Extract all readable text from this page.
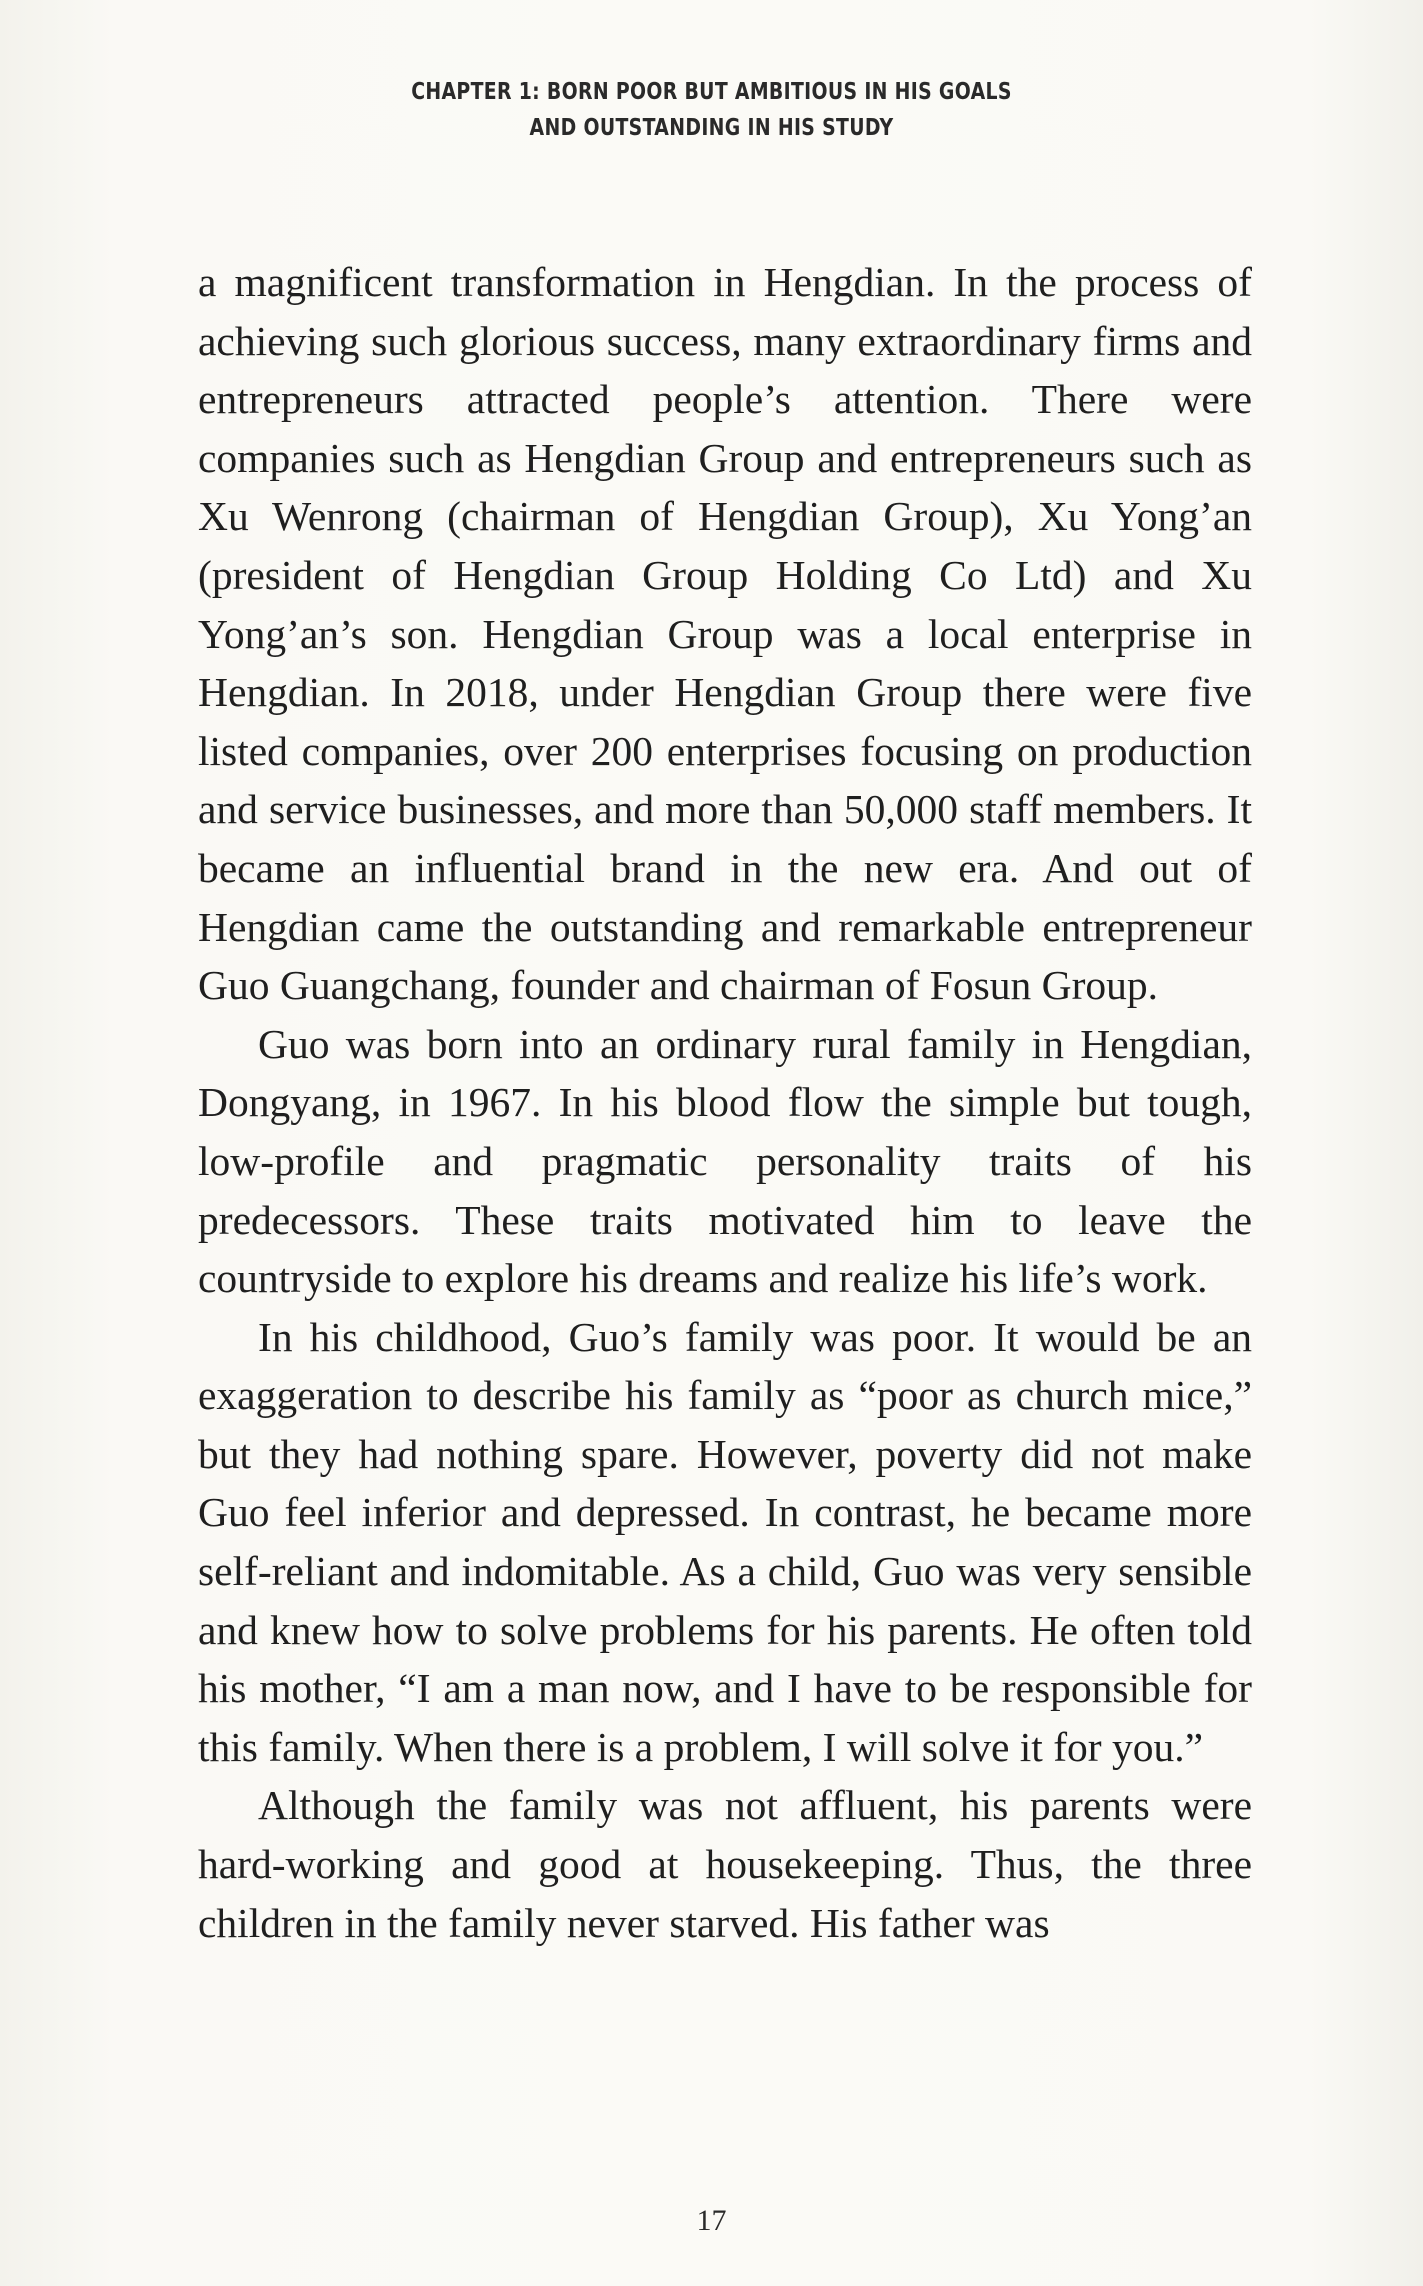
CHAPTER 1: BORN POOR BUT AMBITIOUS IN HIS GOALS
AND OUTSTANDING IN HIS STUDY

a magnificent transformation in Hengdian. In the process of achieving such glorious success, many extraordinary firms and entrepreneurs attracted people’s attention. There were companies such as Hengdian Group and entrepreneurs such as Xu Wenrong (chairman of Hengdian Group), Xu Yong’an (president of Hengdian Group Holding Co Ltd) and Xu Yong’an’s son. Hengdian Group was a local enterprise in Hengdian. In 2018, under Hengdian Group there were five listed companies, over 200 enterprises focusing on production and service businesses, and more than 50,000 staff members. It became an influential brand in the new era. And out of Hengdian came the outstanding and remarkable entrepreneur Guo Guangchang, founder and chairman of Fosun Group.

Guo was born into an ordinary rural family in Hengdian, Dongyang, in 1967. In his blood flow the simple but tough, low-profile and pragmatic personality traits of his predecessors. These traits motivated him to leave the countryside to explore his dreams and realize his life’s work.

In his childhood, Guo’s family was poor. It would be an exaggeration to describe his family as “poor as church mice,” but they had nothing spare. However, poverty did not make Guo feel inferior and depressed. In contrast, he became more self-reliant and indomitable. As a child, Guo was very sensible and knew how to solve problems for his parents. He often told his mother, “I am a man now, and I have to be responsible for this family. When there is a problem, I will solve it for you.”

Although the family was not affluent, his parents were hard-working and good at housekeeping. Thus, the three children in the family never starved. His father was

17
